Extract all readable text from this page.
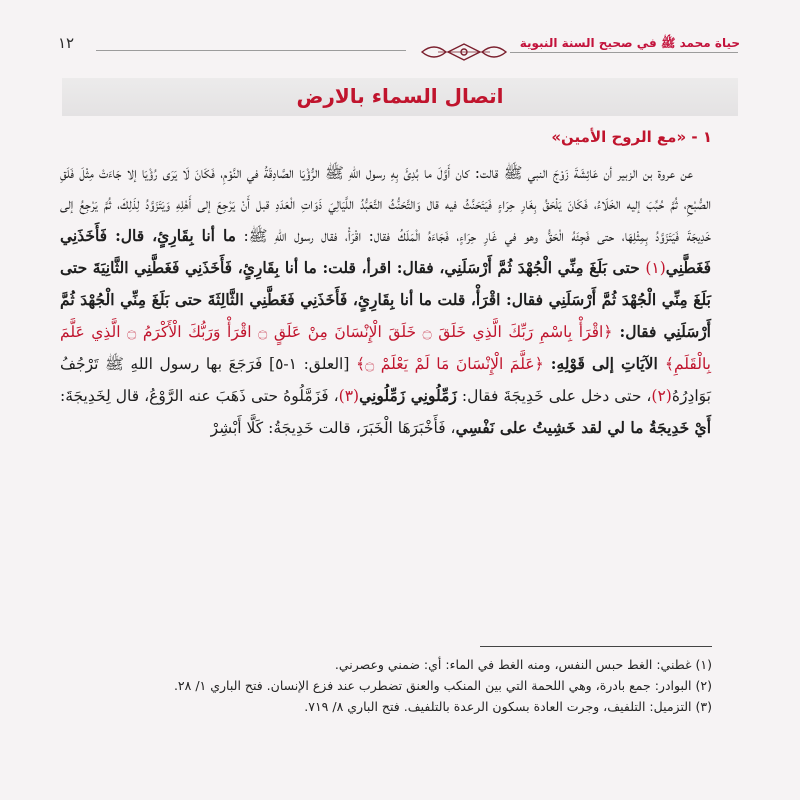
١٢	حياة محمد ﷺ في صحيح السنة النبوية
اتصال السماء بالارض
١ - «مع الروح الأمين»

عن عروة بن الزبير أن عَائِشَةَ زَوْجَ النبي ﷺ قالت: كان أَوَّلَ ما بُدِئَ بِهِ رسول اللهِ ﷺ الرُّؤْيَا الصَّادِقَةُ في النَّوْمِ، فَكَانَ لَا يَرَى رُؤْيَا إلا جَاءَتْ مِثْلَ فَلَقِ الصُّبْحِ، ثُمَّ حُبِّبَ إليه الخَلَاءُ، فَكَانَ يَلْحَقُ بِغَارِ حِرَاءٍ فَيَتَحَنَّثُ فيه قال وَالتَّحَنُّثُ التَّعَبُّدُ اللَّيَالِيَ ذَوَاتِ الْعَدَدِ قبل أَنْ يَرْجِعَ إلى أَهْلِهِ وَيَتَزَوَّدُ لِذَلِكَ، ثُمَّ يَرْجِعُ إلى خَدِيجَةَ فَيَتَزَوَّدُ بِمِثْلِهَا، حتى فَجِئَهُ الْحَقُّ وهو في غَارِ حِرَاءٍ، فَجَاءَهُ الْمَلَكُ فقال: اقْرَأْ، فقال رسول اللهِ ﷺ: ما أنا بِقَارِئٍ، قال: فَأَخَذَنِي فَغَطَّنِي(١) حتى بَلَغَ مِنِّي الْجُهْدَ ثُمَّ أَرْسَلَنِي، فقال: اقرأ، قلت: ما أنا بِقَارِئٍ، فَأَخَذَنِي فَغَطَّنِي الثَّانِيَةَ حتى بَلَغَ مِنِّي الْجُهْدَ ثُمَّ أَرْسَلَنِي فقال: اقْرَأْ، قلت ما أنا بِقَارِئٍ، فَأَخَذَنِي فَغَطَّنِي الثَّالِثَةَ حتى بَلَغَ مِنِّي الْجُهْدَ ثُمَّ أَرْسَلَنِي فقال: ﴿اقْرَأْ بِاسْمِ رَبِّكَ الَّذِي خَلَقَ ۝ خَلَقَ الْإِنْسَانَ مِنْ عَلَقٍ ۝ اقْرَأْ وَرَبُّكَ الْأَكْرَمُ ۝ الَّذِي عَلَّمَ بِالْقَلَمِ﴾ الآيَاتِ إلى قَوْلِهِ: ﴿عَلَّمَ الْإِنْسَانَ مَا لَمْ يَعْلَمْ ۝﴾ [العلق: ١-٥] فَرَجَعَ بها رسول اللهِ ﷺ تَرْجُفُ بَوَادِرُهُ(٢)، حتى دخل على خَدِيجَةَ فقال: زَمِّلُونِي زَمِّلُونِي(٣)، فَزَمَّلُوهُ حتى ذَهَبَ عنه الرَّوْعُ، قال لِخَدِيجَةَ: أَيْ خَدِيجَةُ ما لي لقد خَشِيتُ على نَفْسِي، فَأَخْبَرَهَا الْخَبَرَ، قالت خَدِيجَةُ: كَلَّا أَبْشِرْ

(١) غطني: الغط حبس النفس، ومنه الغط في الماء: أي: ضمني وعصرني.

(٢) البوادر: جمع بادرة، وهي اللحمة التي بين المنكب والعنق تضطرب عند فزع الإنسان. فتح الباري ١/ ٢٨.

(٣) التزميل: التلفيف، وجرت العادة بسكون الرعدة بالتلفيف. فتح الباري ٨/ ٧١٩.
